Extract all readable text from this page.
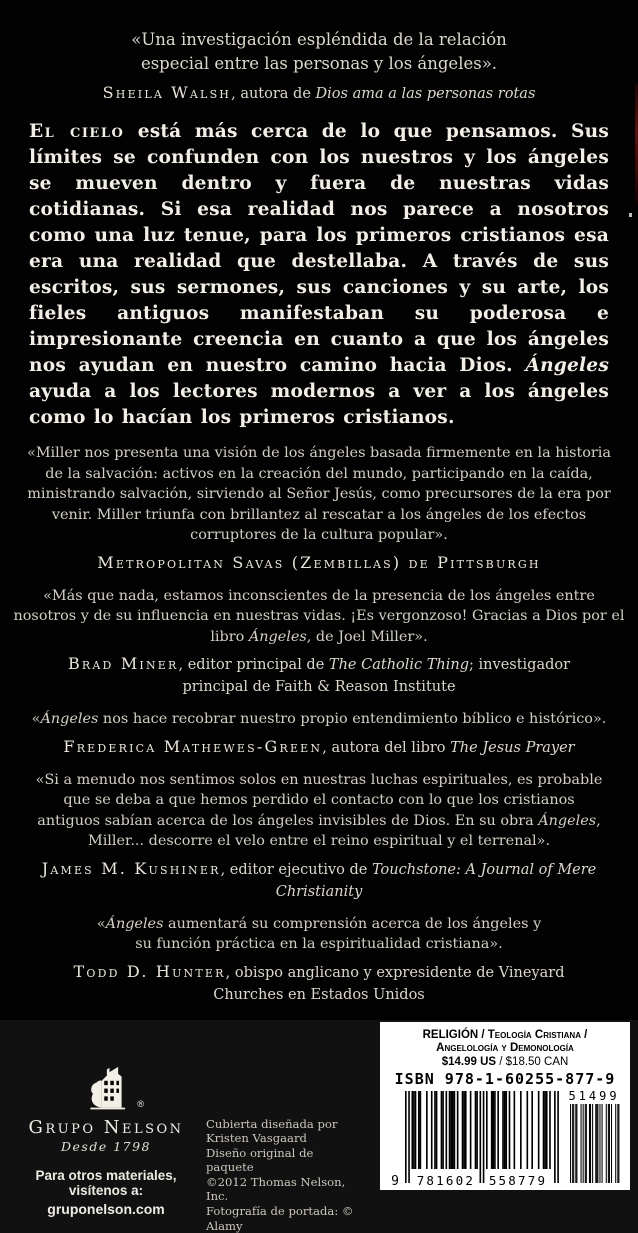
«Una investigación espléndida de la relación especial entre las personas y los ángeles».
Sheila Walsh, autora de Dios ama a las personas rotas
El cielo está más cerca de lo que pensamos. Sus límites se confunden con los nuestros y los ángeles se mueven dentro y fuera de nuestras vidas cotidianas. Si esa realidad nos parece a nosotros como una luz tenue, para los primeros cristianos esa era una realidad que destellaba. A través de sus escritos, sus sermones, sus canciones y su arte, los fieles antiguos manifestaban su poderosa e impresionante creencia en cuanto a que los ángeles nos ayudan en nuestro camino hacia Dios. Ángeles ayuda a los lectores modernos a ver a los ángeles como lo hacían los primeros cristianos.
«Miller nos presenta una visión de los ángeles basada firmemente en la historia de la salvación: activos en la creación del mundo, participando en la caída, ministrando salvación, sirviendo al Señor Jesús, como precursores de la era por venir. Miller triunfa con brillantez al rescatar a los ángeles de los efectos corruptores de la cultura popular».
Metropolitan Savas (Zembillas) de Pittsburgh
«Más que nada, estamos inconscientes de la presencia de los ángeles entre nosotros y de su influencia en nuestras vidas. ¡Es vergonzoso! Gracias a Dios por el libro Ángeles, de Joel Miller».
Brad Miner, editor principal de The Catholic Thing; investigador principal de Faith & Reason Institute
«Ángeles nos hace recobrar nuestro propio entendimiento bíblico e histórico».
Frederica Mathewes-Green, autora del libro The Jesus Prayer
«Si a menudo nos sentimos solos en nuestras luchas espirituales, es probable que se deba a que hemos perdido el contacto con lo que los cristianos antiguos sabían acerca de los ángeles invisibles de Dios. En su obra Ángeles, Miller... descorre el velo entre el reino espiritual y el terrenal».
James M. Kushiner, editor ejecutivo de Touchstone: A Journal of Mere Christianity
«Ángeles aumentará su comprensión acerca de los ángeles y su función práctica en la espiritualidad cristiana».
Todd D. Hunter, obispo anglicano y expresidente de Vineyard Churches en Estados Unidos
®
Grupo Nelson
Desde 1798
Para otros materiales, visítenos a:
gruponelson.com
Cubierta diseñada por
Kristen Vasgaard
Diseño original de paquete
©2012 Thomas Nelson, Inc.
Fotografía de portada: © Alamy
RELIGIÓN / Teología Cristiana /
Angelología y Demonología
$14.99 US / $18.50 CAN
ISBN 978-1-60255-877-9
9 781602 558779
51499
